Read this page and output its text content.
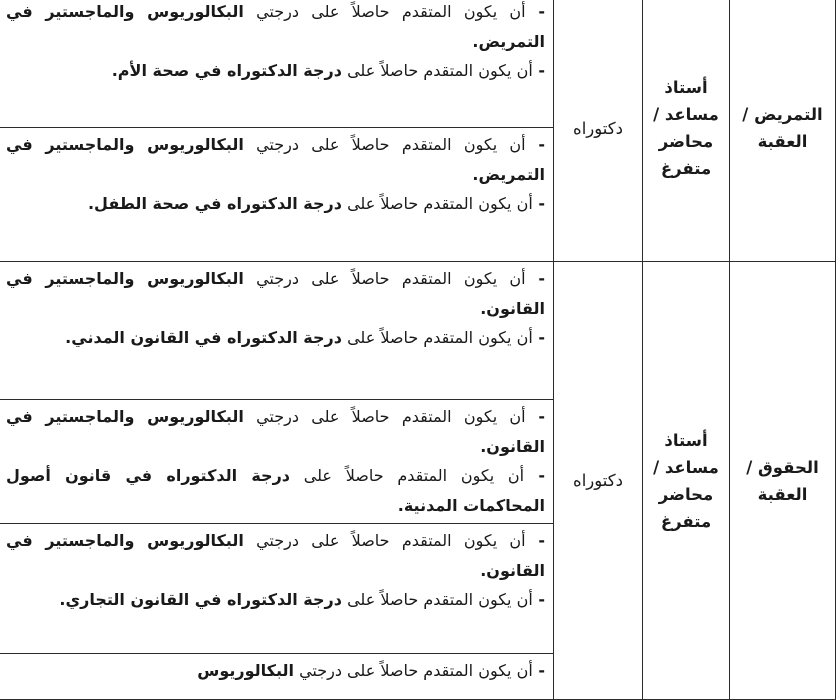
التمريض / العقبة	أستاذ مساعد / محاضر متفرغ	دكتوراه	- أن يكون المتقدم حاصلاً على درجتي البكالوريوس والماجستير في التمريض.

- أن يكون المتقدم حاصلاً على درجة الدكتوراه في صحة الأم.

			- أن يكون المتقدم حاصلاً على درجتي البكالوريوس والماجستير في التمريض.

- أن يكون المتقدم حاصلاً على درجة الدكتوراه في صحة الطفل.

الحقوق / العقبة	أستاذ مساعد / محاضر متفرغ	دكتوراه	- أن يكون المتقدم حاصلاً على درجتي البكالوريوس والماجستير في القانون.

- أن يكون المتقدم حاصلاً على درجة الدكتوراه في القانون المدني.

			- أن يكون المتقدم حاصلاً على درجتي البكالوريوس والماجستير في القانون.

- أن يكون المتقدم حاصلاً على درجة الدكتوراه في قانون أصول المحاكمات المدنية.

			- أن يكون المتقدم حاصلاً على درجتي البكالوريوس والماجستير في القانون.

- أن يكون المتقدم حاصلاً على درجة الدكتوراه في القانون التجاري.

			- أن يكون المتقدم حاصلاً على درجتي البكالوريوس
